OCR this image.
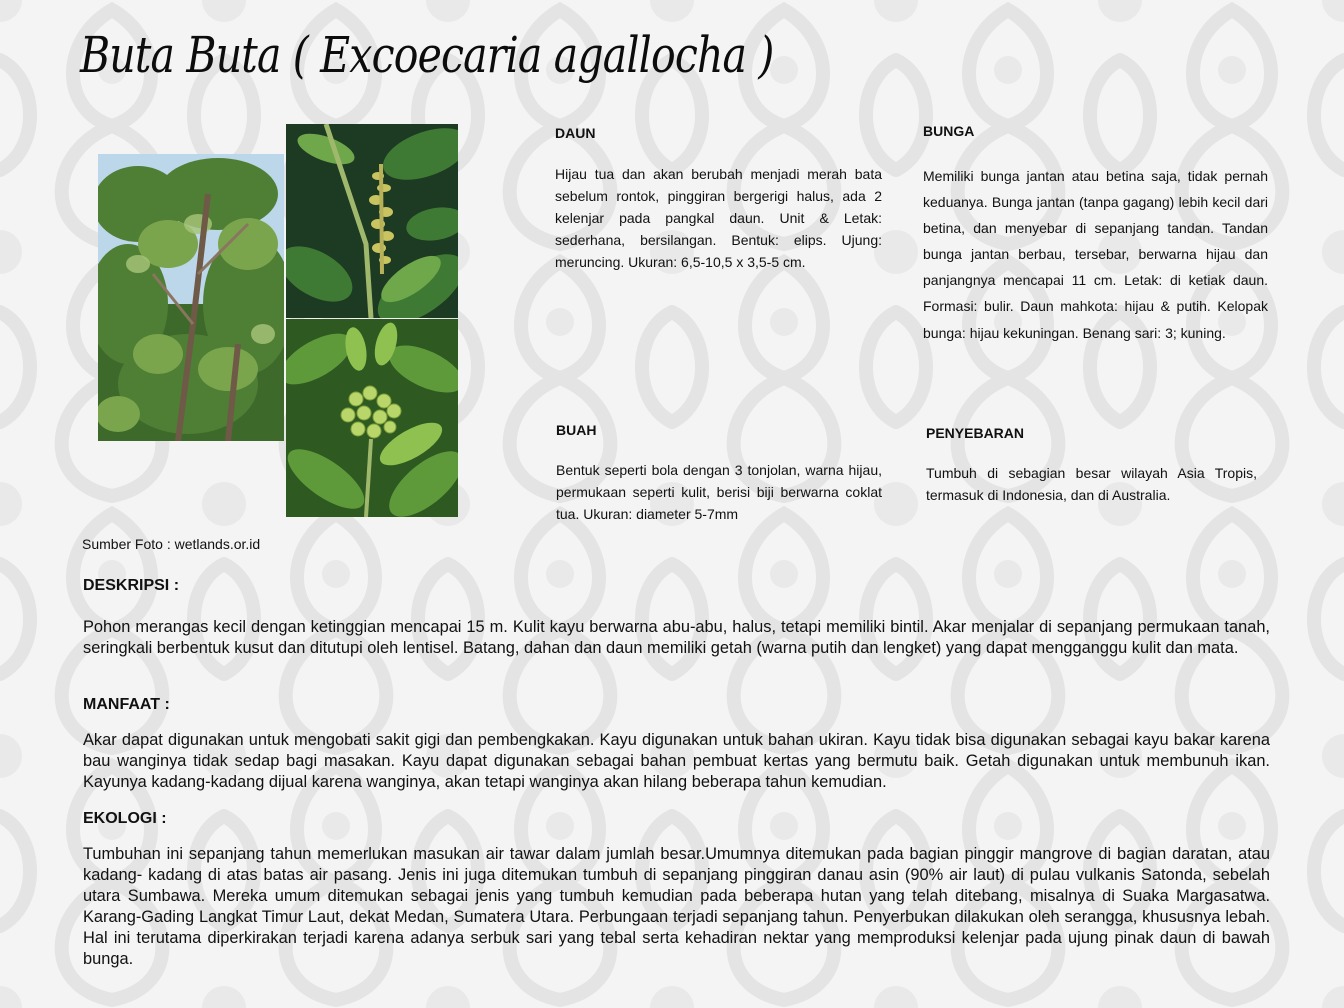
Buta Buta ( Excoecaria agallocha )
Sumber Foto : wetlands.or.id
DAUN

Hijau tua dan akan berubah menjadi merah bata sebelum rontok, pinggiran bergerigi halus, ada 2 kelenjar pada pangkal daun. Unit & Letak: sederhana, bersilangan. Bentuk: elips. Ujung: meruncing. Ukuran: 6,5-10,5 x 3,5-5 cm.

BUNGA

Memiliki bunga jantan atau betina saja, tidak pernah keduanya. Bunga jantan (tanpa gagang) lebih kecil dari betina, dan menyebar di sepanjang tandan. Tandan bunga jantan berbau, tersebar, berwarna hijau dan panjangnya mencapai 11 cm. Letak: di ketiak daun. Formasi: bulir. Daun mahkota: hijau & putih. Kelopak bunga: hijau kekuningan. Benang sari: 3; kuning.

BUAH

Bentuk seperti bola dengan 3 tonjolan, warna hijau, permukaan seperti kulit, berisi biji berwarna coklat tua. Ukuran: diameter 5-7mm

PENYEBARAN

Tumbuh di sebagian besar wilayah Asia Tropis, termasuk di Indonesia, dan di Australia.

DESKRIPSI :

Pohon merangas kecil dengan ketinggian mencapai 15 m. Kulit kayu berwarna abu-abu, halus, tetapi memiliki bintil. Akar menjalar di sepanjang permukaan tanah, seringkali berbentuk kusut dan ditutupi oleh lentisel. Batang, dahan dan daun memiliki getah (warna putih dan lengket) yang dapat mengganggu kulit dan mata.

MANFAAT :

Akar dapat digunakan untuk mengobati sakit gigi dan pembengkakan. Kayu digunakan untuk bahan ukiran. Kayu tidak bisa digunakan sebagai kayu bakar karena bau wanginya tidak sedap bagi masakan. Kayu dapat digunakan sebagai bahan pembuat kertas yang bermutu baik. Getah digunakan untuk membunuh ikan. Kayunya kadang-kadang dijual karena wanginya, akan tetapi wanginya akan hilang beberapa tahun kemudian.

EKOLOGI :

Tumbuhan ini sepanjang tahun memerlukan masukan air tawar dalam jumlah besar.Umumnya ditemukan pada bagian pinggir mangrove di bagian daratan, atau kadang- kadang di atas batas air pasang. Jenis ini juga ditemukan tumbuh di sepanjang pinggiran danau asin (90% air laut) di pulau vulkanis Satonda, sebelah utara Sumbawa. Mereka umum ditemukan sebagai jenis yang tumbuh kemudian pada beberapa hutan yang telah ditebang, misalnya di Suaka Margasatwa. Karang-Gading Langkat Timur Laut, dekat Medan, Sumatera Utara. Perbungaan terjadi sepanjang tahun. Penyerbukan dilakukan oleh serangga, khususnya lebah. Hal ini terutama diperkirakan terjadi karena adanya serbuk sari yang tebal serta kehadiran nektar yang memproduksi kelenjar pada ujung pinak daun di bawah bunga.
